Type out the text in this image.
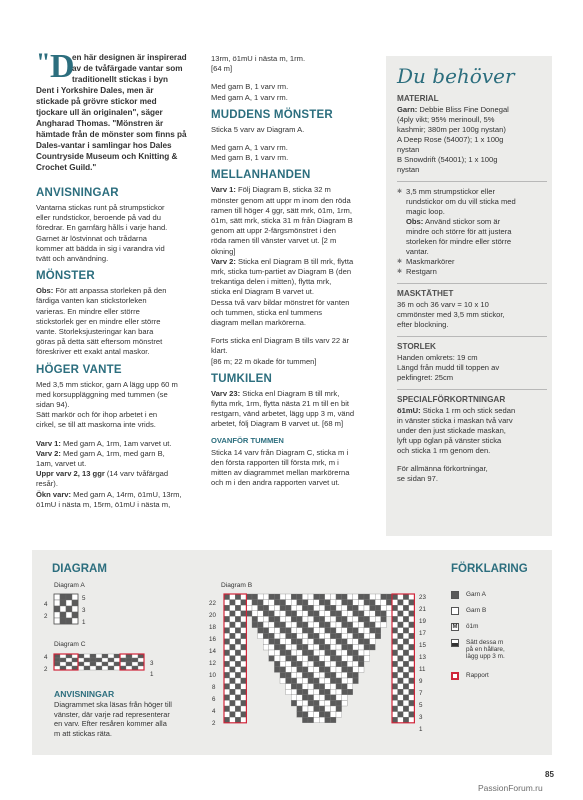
" D
en här designen är inspirerad
av de tvåfärgade vantar som
traditionellt stickas i byn
Dent i Yorkshire Dales, men är
stickade på grövre stickor med
tjockare ull än originalen", säger
Angharad Thomas. "Mönstren är
hämtade från de mönster som finns på
Dales-vantar i samlingar hos Dales
Countryside Museum och Knitting &
Crochet Guild."
ANVISNINGAR

Vantarna stickas runt på strumpstickor

eller rundstickor, beroende på vad du

föredrar. En garnfärg hålls i varje hand.

Garnet är löstvinnat och trådarna

kommer att bädda in sig i varandra vid

tvätt och användning.

MÖNSTER

Obs: För att anpassa storleken på den

färdiga vanten kan stickstorleken

varieras. En mindre eller större

stickstorlek ger en mindre eller större

vante. Storleksjusteringar kan bara

göras på detta sätt eftersom mönstret

föreskriver ett exakt antal maskor.

HÖGER VANTE

Med 3,5 mm stickor, garn A lägg upp 60 m

med korsuppläggning med tummen (se

sidan 94).

Sätt markör och för ihop arbetet i en

cirkel, se till att maskorna inte vrids.

Varv 1: Med garn A, 1rm, 1am varvet ut.

Varv 2: Med garn A, 1rm, med garn B,

1am, varvet ut.

Uppr varv 2, 13 ggr (14 varv tvåfärgad

resår).

Ökn varv: Med garn A, 14rm, ö1mU, 13rm,

ö1mU i nästa m, 15rm, ö1mU i nästa m,

13rm, ö1mU i nästa m, 1rm.

[64 m]

Med garn B, 1 varv rm.

Med garn A, 1 varv rm.

MUDDENS MÖNSTER

Sticka 5 varv av Diagram A.

Med garn A, 1 varv rm.

Med garn B, 1 varv rm.

MELLANHANDEN

Varv 1: Följ Diagram B, sticka 32 m

mönster genom att uppr m inom den röda

ramen till höger 4 ggr, sätt mrk, ö1m, 1rm,

ö1m, sätt mrk, sticka 31 m från Diagram B

genom att uppr 2-färgsmönstret i den

röda ramen till vänster varvet ut. [2 m

ökning]

Varv 2: Sticka enl Diagram B till mrk, flytta

mrk, sticka tum-partiet av Diagram B (den

trekantiga delen i mitten), flytta mrk,

sticka enl Diagram B varvet ut.

Dessa två varv bildar mönstret för vanten

och tummen, sticka enl tummens

diagram mellan markörerna.

Forts sticka enl Diagram B tills varv 22 är

klart.

[86 m; 22 m ökade för tummen]

TUMKILEN

Varv 23: Sticka enl Diagram B till mrk,

flytta mrk, 1rm, flytta nästa 21 m till en bit

restgarn, vänd arbetet, lägg upp 3 m, vänd

arbetet, följ Diagram B varvet ut. [68 m]

OVANFÖR TUMMEN

Sticka 14 varv från Diagram C, sticka m i

den första rapporten till första mrk, m i

mitten av diagrammet mellan markörerna

och m i den andra rapporten varvet ut.

Du behöver
MATERIAL

Garn: Debbie Bliss Fine Donegal

(4ply vikt; 95% merinoull, 5%

kashmir; 380m per 100g nystan)

A Deep Rose (54007); 1 x 100g

nystan

B Snowdrift (54001); 1 x 100g

nystan

✱ 3,5 mm strumpstickor eller
rundstickor om du vill sticka med
magic loop.
Obs: Använd stickor som är
mindre och större för att justera
storleken för mindre eller större
vantar.
✱ Maskmarkörer
✱ Restgarn
MASKTÄTHET

36 m och 36 varv = 10 x 10

cmmönster med 3,5 mm stickor,

efter blockning.

STORLEK

Handen omkrets: 19 cm

Längd från mudd till toppen av

pekfingret: 25cm

SPECIALFÖRKORTNINGAR

ö1mU: Sticka 1 rm och stick sedan

in vänster sticka i maskan två varv

under den just stickade maskan,

lyft upp öglan på vänster sticka

och sticka 1 rm genom den.

För allmänna förkortningar,

se sidan 97.

DIAGRAM	FÖRKLARING
Diagram A
Diagram C
Diagram B
4
2
5
3
1
4
2
3
1
22
20
18
16
14
12
10
8
6
4
2
23
21
19
17
15
13
11
9
7
5
3
1
ANVISNINGAR

Diagrammet ska läsas från höger till

vänster, där varje rad representerar

en varv. Efter resåren kommer alla

m att stickas räta.

Garn A
Garn B
M ö1m
Sätt dessa m
på en hållare,
lägg upp 3 m.
Rapport
85
PassionForum.ru
